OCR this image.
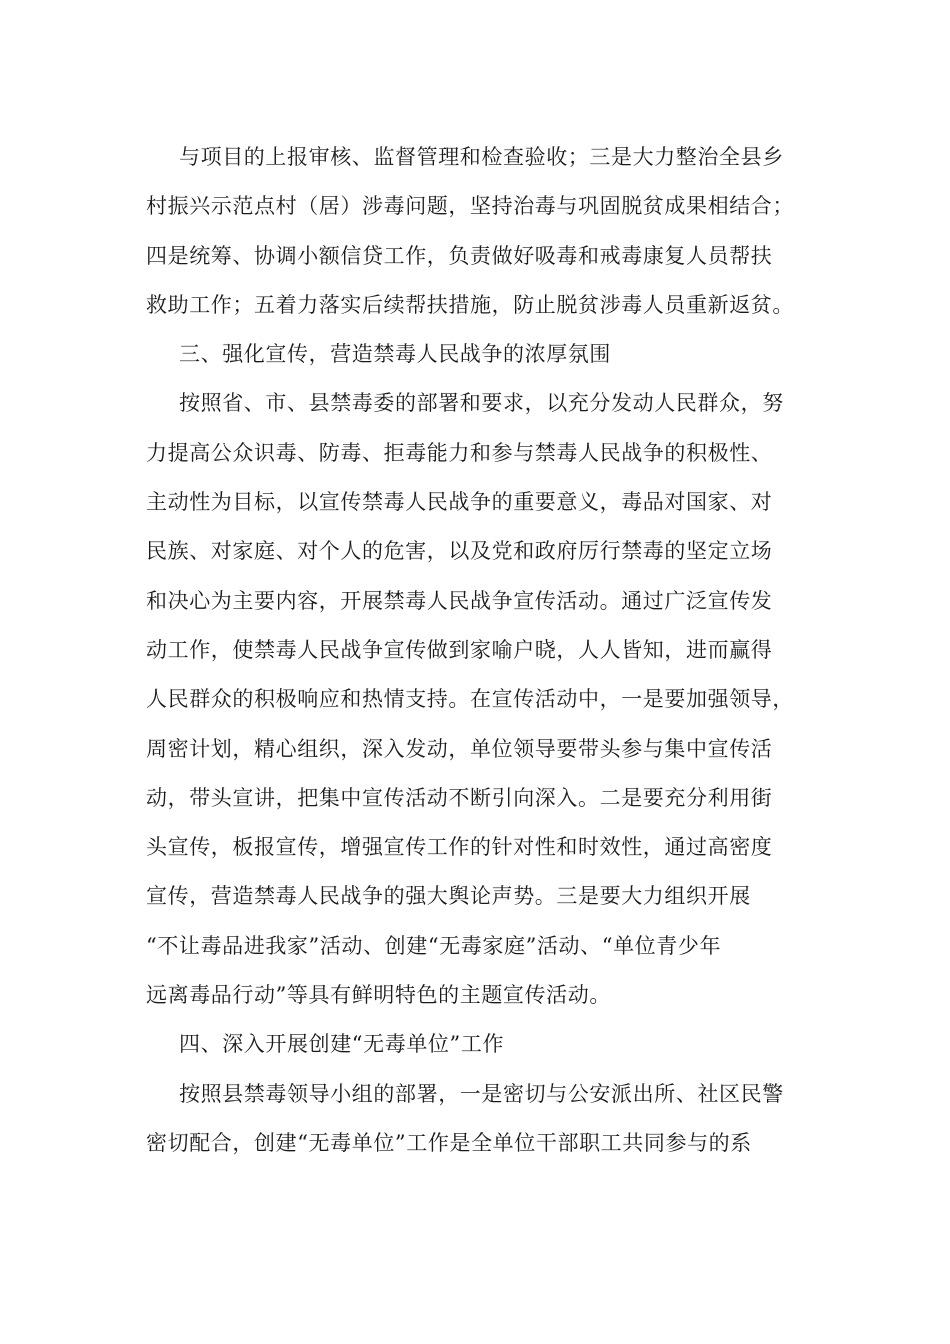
与项目的上报审核、监督管理和检查验收；三是大力整治全县乡
村振兴示范点村（居）涉毒问题，坚持治毒与巩固脱贫成果相结合；
四是统筹、协调小额信贷工作，负责做好吸毒和戒毒康复人员帮扶
救助工作；五着力落实后续帮扶措施，防止脱贫涉毒人员重新返贫。
三、强化宣传，营造禁毒人民战争的浓厚氛围
按照省、市、县禁毒委的部署和要求，以充分发动人民群众，努
力提高公众识毒、防毒、拒毒能力和参与禁毒人民战争的积极性、
主动性为目标，以宣传禁毒人民战争的重要意义，毒品对国家、对
民族、对家庭、对个人的危害，以及党和政府厉行禁毒的坚定立场
和决心为主要内容，开展禁毒人民战争宣传活动。通过广泛宣传发
动工作，使禁毒人民战争宣传做到家喻户晓，人人皆知，进而赢得
人民群众的积极响应和热情支持。在宣传活动中，一是要加强领导，
周密计划，精心组织，深入发动，单位领导要带头参与集中宣传活
动，带头宣讲，把集中宣传活动不断引向深入。二是要充分利用街
头宣传，板报宣传，增强宣传工作的针对性和时效性，通过高密度
宣传，营造禁毒人民战争的强大舆论声势。三是要大力组织开展
“不让毒品进我家”活动、创建“无毒家庭”活动、“单位青少年
远离毒品行动”等具有鲜明特色的主题宣传活动。
四、深入开展创建“无毒单位”工作
按照县禁毒领导小组的部署，一是密切与公安派出所、社区民警
密切配合，创建“无毒单位”工作是全单位干部职工共同参与的系
